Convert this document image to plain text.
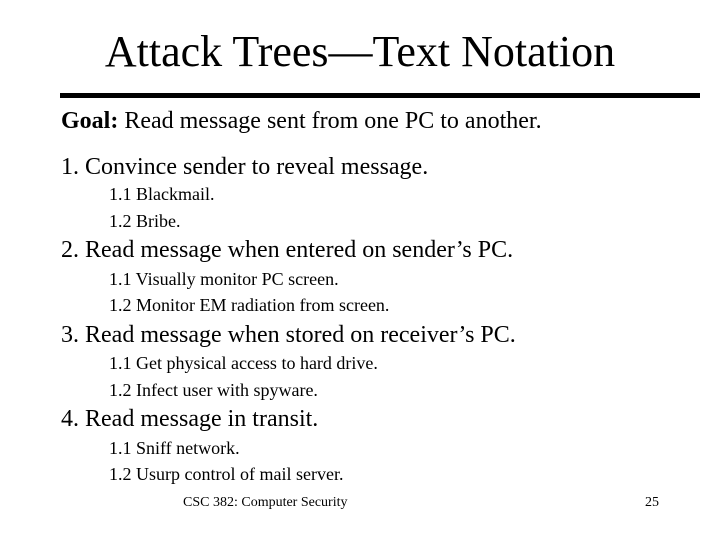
Attack Trees—Text Notation
Goal: Read message sent from one PC to another.
1. Convince sender to reveal message.
1.1 Blackmail.
1.2 Bribe.
2. Read message when entered on sender’s PC.
1.1 Visually monitor PC screen.
1.2 Monitor EM radiation from screen.
3. Read message when stored on receiver’s PC.
1.1 Get physical access to hard drive.
1.2 Infect user with spyware.
4. Read message in transit.
1.1 Sniff network.
1.2 Usurp control of mail server.
CSC 382: Computer Security	25
